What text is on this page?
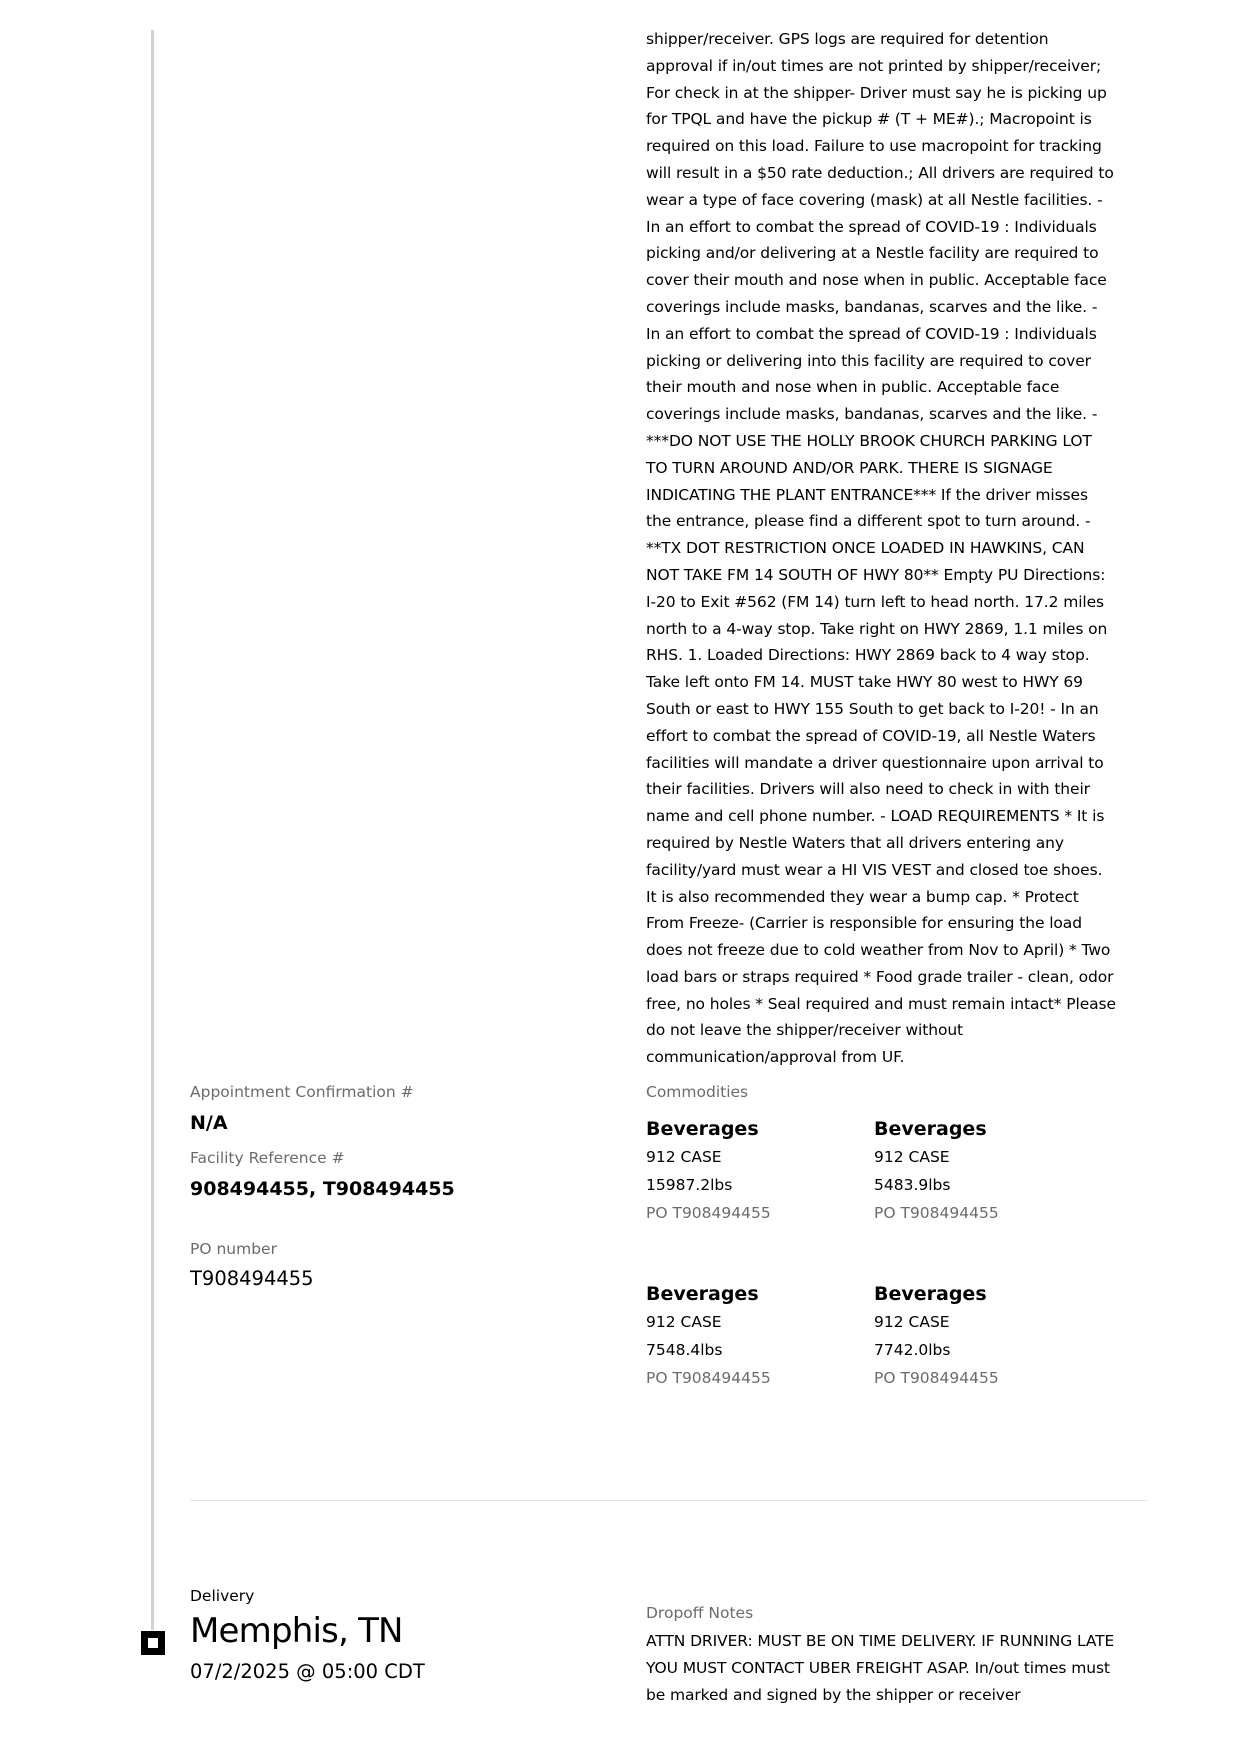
shipper/receiver. GPS logs are required for detention approval if in/out times are not printed by shipper/receiver; For check in at the shipper- Driver must say he is picking up for TPQL and have the pickup # (T + ME#).; Macropoint is required on this load. Failure to use macropoint for tracking will result in a $50 rate deduction.; All drivers are required to wear a type of face covering (mask) at all Nestle facilities. - In an effort to combat the spread of COVID-19 : Individuals picking and/or delivering at a Nestle facility are required to cover their mouth and nose when in public. Acceptable face coverings include masks, bandanas, scarves and the like. - In an effort to combat the spread of COVID-19 : Individuals picking or delivering into this facility are required to cover their mouth and nose when in public. Acceptable face coverings include masks, bandanas, scarves and the like. - ***DO NOT USE THE HOLLY BROOK CHURCH PARKING LOT TO TURN AROUND AND/OR PARK. THERE IS SIGNAGE INDICATING THE PLANT ENTRANCE*** If the driver misses the entrance, please find a different spot to turn around. - **TX DOT RESTRICTION ONCE LOADED IN HAWKINS, CAN NOT TAKE FM 14 SOUTH OF HWY 80** Empty PU Directions: I-20 to Exit #562 (FM 14) turn left to head north. 17.2 miles north to a 4-way stop. Take right on HWY 2869, 1.1 miles on RHS. 1. Loaded Directions: HWY 2869 back to 4 way stop. Take left onto FM 14. MUST take HWY 80 west to HWY 69 South or east to HWY 155 South to get back to I-20! - In an effort to combat the spread of COVID-19, all Nestle Waters facilities will mandate a driver questionnaire upon arrival to their facilities. Drivers will also need to check in with their name and cell phone number. - LOAD REQUIREMENTS * It is required by Nestle Waters that all drivers entering any facility/yard must wear a HI VIS VEST and closed toe shoes. It is also recommended they wear a bump cap. * Protect From Freeze- (Carrier is responsible for ensuring the load does not freeze due to cold weather from Nov to April) * Two load bars or straps required * Food grade trailer - clean, odor free, no holes * Seal required and must remain intact* Please do not leave the shipper/receiver without communication/approval from UF.
Appointment Confirmation #
N/A
Facility Reference #
908494455, T908494455
PO number
T908494455
Commodities
Beverages
912 CASE
15987.2lbs
PO T908494455
Beverages
912 CASE
5483.9lbs
PO T908494455
Beverages
912 CASE
7548.4lbs
PO T908494455
Beverages
912 CASE
7742.0lbs
PO T908494455
Delivery
Memphis, TN
07/2/2025 @ 05:00 CDT
Dropoff Notes
ATTN DRIVER: MUST BE ON TIME DELIVERY. IF RUNNING LATE YOU MUST CONTACT UBER FREIGHT ASAP. In/out times must be marked and signed by the shipper or receiver
